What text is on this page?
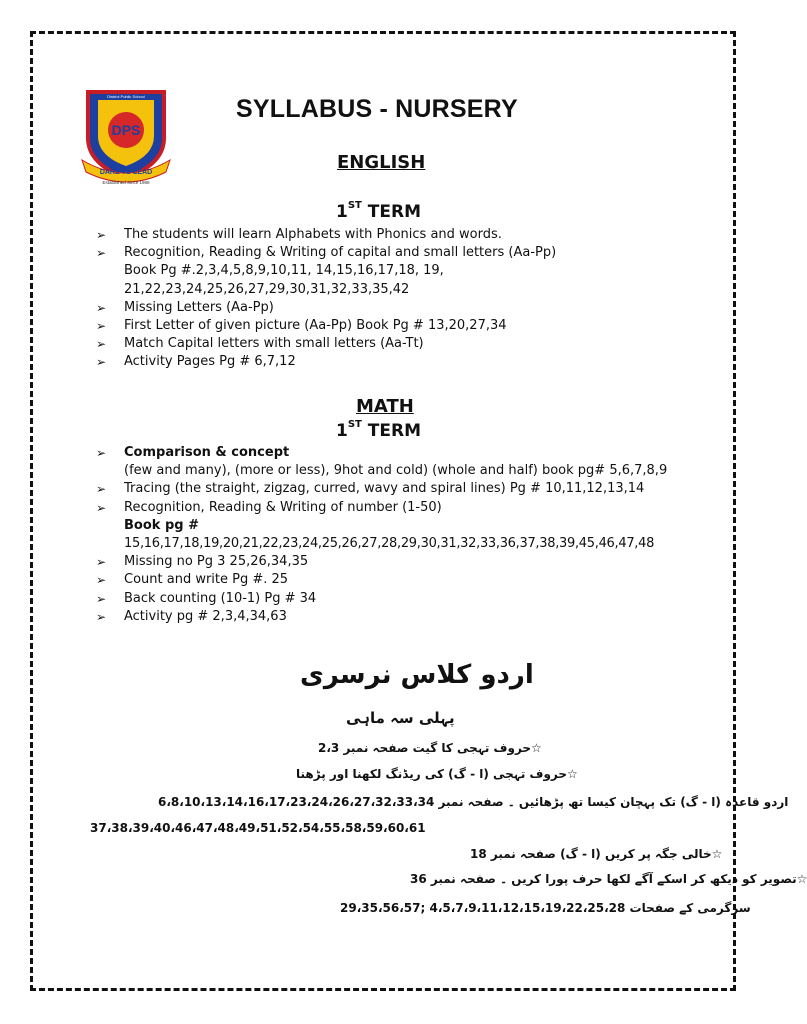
DPS
District Public School
DARE TO LEAD
Established Since 1988
SYLLABUS - NURSERY
ENGLISH
1ST TERM
➢ The students will learn Alphabets with Phonics and words.
➢ Recognition, Reading & Writing of capital and small letters (Aa-Pp)
Book Pg #.2,3,4,5,8,9,10,11, 14,15,16,17,18, 19,
21,22,23,24,25,26,27,29,30,31,32,33,35,42
➢ Missing Letters (Aa-Pp)
➢ First Letter of given picture (Aa-Pp) Book Pg # 13,20,27,34
➢ Match Capital letters with small letters (Aa-Tt)
➢ Activity Pages Pg # 6,7,12
MATH
1ST TERM
➢ Comparison & concept
(few and many), (more or less), 9hot and cold) (whole and half) book pg# 5,6,7,8,9
➢ Tracing (the straight, zigzag, curred, wavy and spiral lines) Pg # 10,11,12,13,14
➢ Recognition, Reading & Writing of number (1-50)
Book pg #
15,16,17,18,19,20,21,22,23,24,25,26,27,28,29,30,31,32,33,36,37,38,39,45,46,47,48
➢ Missing no Pg 3 25,26,34,35
➢ Count and write Pg #. 25
➢ Back counting (10-1) Pg # 34
➢ Activity pg # 2,3,4,34,63
اردو کلاس نرسری
پہلی سہ ماہی
☆حروف تہجی کا گیت صفحہ نمبر 2،3
☆حروف تہجی (ا - گ) کی ریڈنگ لکھنا اور پڑھنا
اردو قاعدہ (ا - گ) تک پہچان کیسا تھ پڑھائیں ۔ صفحہ نمبر 6،8،10،13،14،16،17،23،24،26،27،32،33،34
37،38،39،40،46،47،48،49،51،52،54،55،58،59،60،61
☆خالی جگہ پر کریں (ا - گ) صفحہ نمبر 18
☆تصویر کو دیکھ کر اسکے آگے لکھا حرف پورا کریں ۔ صفحہ نمبر 36
سرگرمی کے صفحات 4،5،7،9،11،12،15،19،22،25،28 ;29،35،56،57
